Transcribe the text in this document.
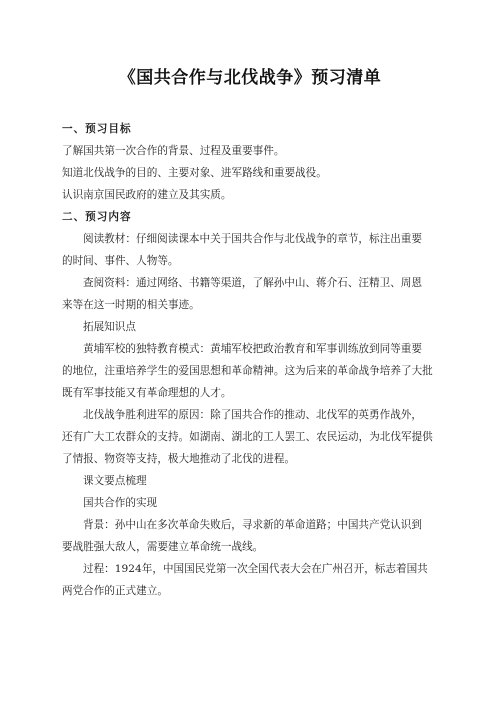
《国共合作与北伐战争》预习清单
一、预习目标
了解国共第一次合作的背景、过程及重要事件。
知道北伐战争的目的、主要对象、进军路线和重要战役。
认识南京国民政府的建立及其实质。
二、预习内容
阅读教材：仔细阅读课本中关于国共合作与北伐战争的章节，标注出重要
的时间、事件、人物等。
查阅资料：通过网络、书籍等渠道，了解孙中山、蒋介石、汪精卫、周恩
来等在这一时期的相关事迹。
拓展知识点
黄埔军校的独特教育模式：黄埔军校把政治教育和军事训练放到同等重要
的地位，注重培养学生的爱国思想和革命精神。这为后来的革命战争培养了大批
既有军事技能又有革命理想的人才。
北伐战争胜利进军的原因：除了国共合作的推动、北伐军的英勇作战外，
还有广大工农群众的支持。如湖南、湖北的工人罢工、农民运动，为北伐军提供
了情报、物资等支持，极大地推动了北伐的进程。
课文要点梳理
国共合作的实现
背景：孙中山在多次革命失败后，寻求新的革命道路；中国共产党认识到
要战胜强大敌人，需要建立革命统一战线。
过程：1924年，中国国民党第一次全国代表大会在广州召开，标志着国共
两党合作的正式建立。
